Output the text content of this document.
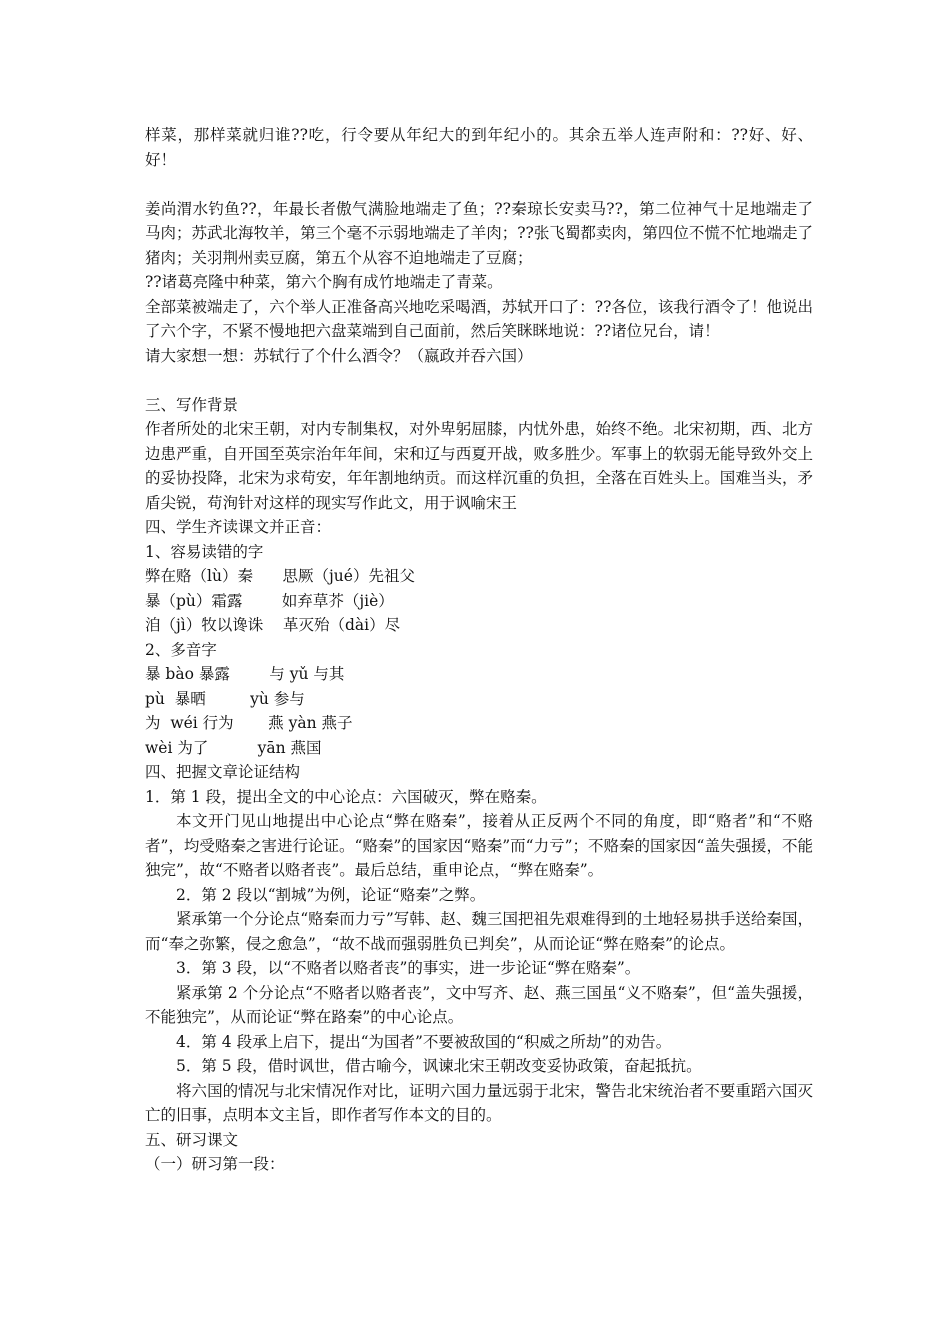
样菜，那样菜就归谁??吃，行令要从年纪大的到年纪小的。其余五举人连声附和：??好、好、好！

姜尚渭水钓鱼??，年最长者傲气满脸地端走了鱼；??秦琼长安卖马??，第二位神气十足地端走了马肉；苏武北海牧羊，第三个毫不示弱地端走了羊肉；??张飞蜀都卖肉，第四位不慌不忙地端走了猪肉；关羽荆州卖豆腐，第五个从容不迫地端走了豆腐；

??诸葛亮隆中种菜，第六个胸有成竹地端走了青菜。

全部菜被端走了，六个举人正准备高兴地吃采喝酒，苏轼开口了：??各位，该我行酒令了！他说出了六个字，不紧不慢地把六盘菜端到自己面前，然后笑眯眯地说：??诸位兄台，请！

请大家想一想：苏轼行了个什么酒令？（嬴政并吞六国）

三、写作背景

作者所处的北宋王朝，对内专制集权，对外卑躬屈膝，内忧外患，始终不绝。北宋初期，西、北方边患严重，自开国至英宗治年年间，宋和辽与西夏开战，败多胜少。军事上的软弱无能导致外交上的妥协投降，北宋为求苟安，年年割地纳贡。而这样沉重的负担，全落在百姓头上。国难当头，矛盾尖锐，苟洵针对这样的现实写作此文，用于讽喻宋王

四、学生齐读课文并正音：

1、容易读错的字

弊在赂（lù）秦      思厥（jué）先祖父

暴（pù）霜露        如弃草芥（jiè）

洎（jì）牧以谗诛    革灭殆（dài）尽

2、多音字

暴 bào 暴露        与 yǔ 与其

pù  暴晒         yù 参与

为  wéi 行为       燕 yàn 燕子

wèi 为了          yān 燕国

四、把握文章论证结构

1．第 1 段，提出全文的中心论点：六国破灭，弊在赂秦。

本文开门见山地提出中心论点“弊在赂秦”，接着从正反两个不同的角度，即“赂者”和“不赂者”，均受赂秦之害进行论证。“赂秦”的国家因“赂秦”而“力亏”；不赂秦的国家因“盖失强援，不能独完”，故“不赂者以赂者丧”。最后总结，重申论点，“弊在赂秦”。

2．第 2 段以“割城”为例，论证“赂秦”之弊。

紧承第一个分论点“赂秦而力亏”写韩、赵、魏三国把祖先艰难得到的土地轻易拱手送给秦国，而“奉之弥繁，侵之愈急”，“故不战而强弱胜负已判矣”，从而论证“弊在赂秦”的论点。

3．第 3 段，以“不赂者以赂者丧”的事实，进一步论证“弊在赂秦”。

紧承第 2 个分论点“不赂者以赂者丧”，文中写齐、赵、燕三国虽“义不赂秦”，但“盖失强援，不能独完”，从而论证“弊在路秦”的中心论点。

4．第 4 段承上启下，提出“为国者”不要被敌国的“积威之所劫”的劝告。

5．第 5 段，借时讽世，借古喻今，讽谏北宋王朝改变妥协政策，奋起抵抗。

将六国的情况与北宋情况作对比，证明六国力量远弱于北宋，警告北宋统治者不要重蹈六国灭亡的旧事，点明本文主旨，即作者写作本文的目的。

五、研习课文

（一）研习第一段：
